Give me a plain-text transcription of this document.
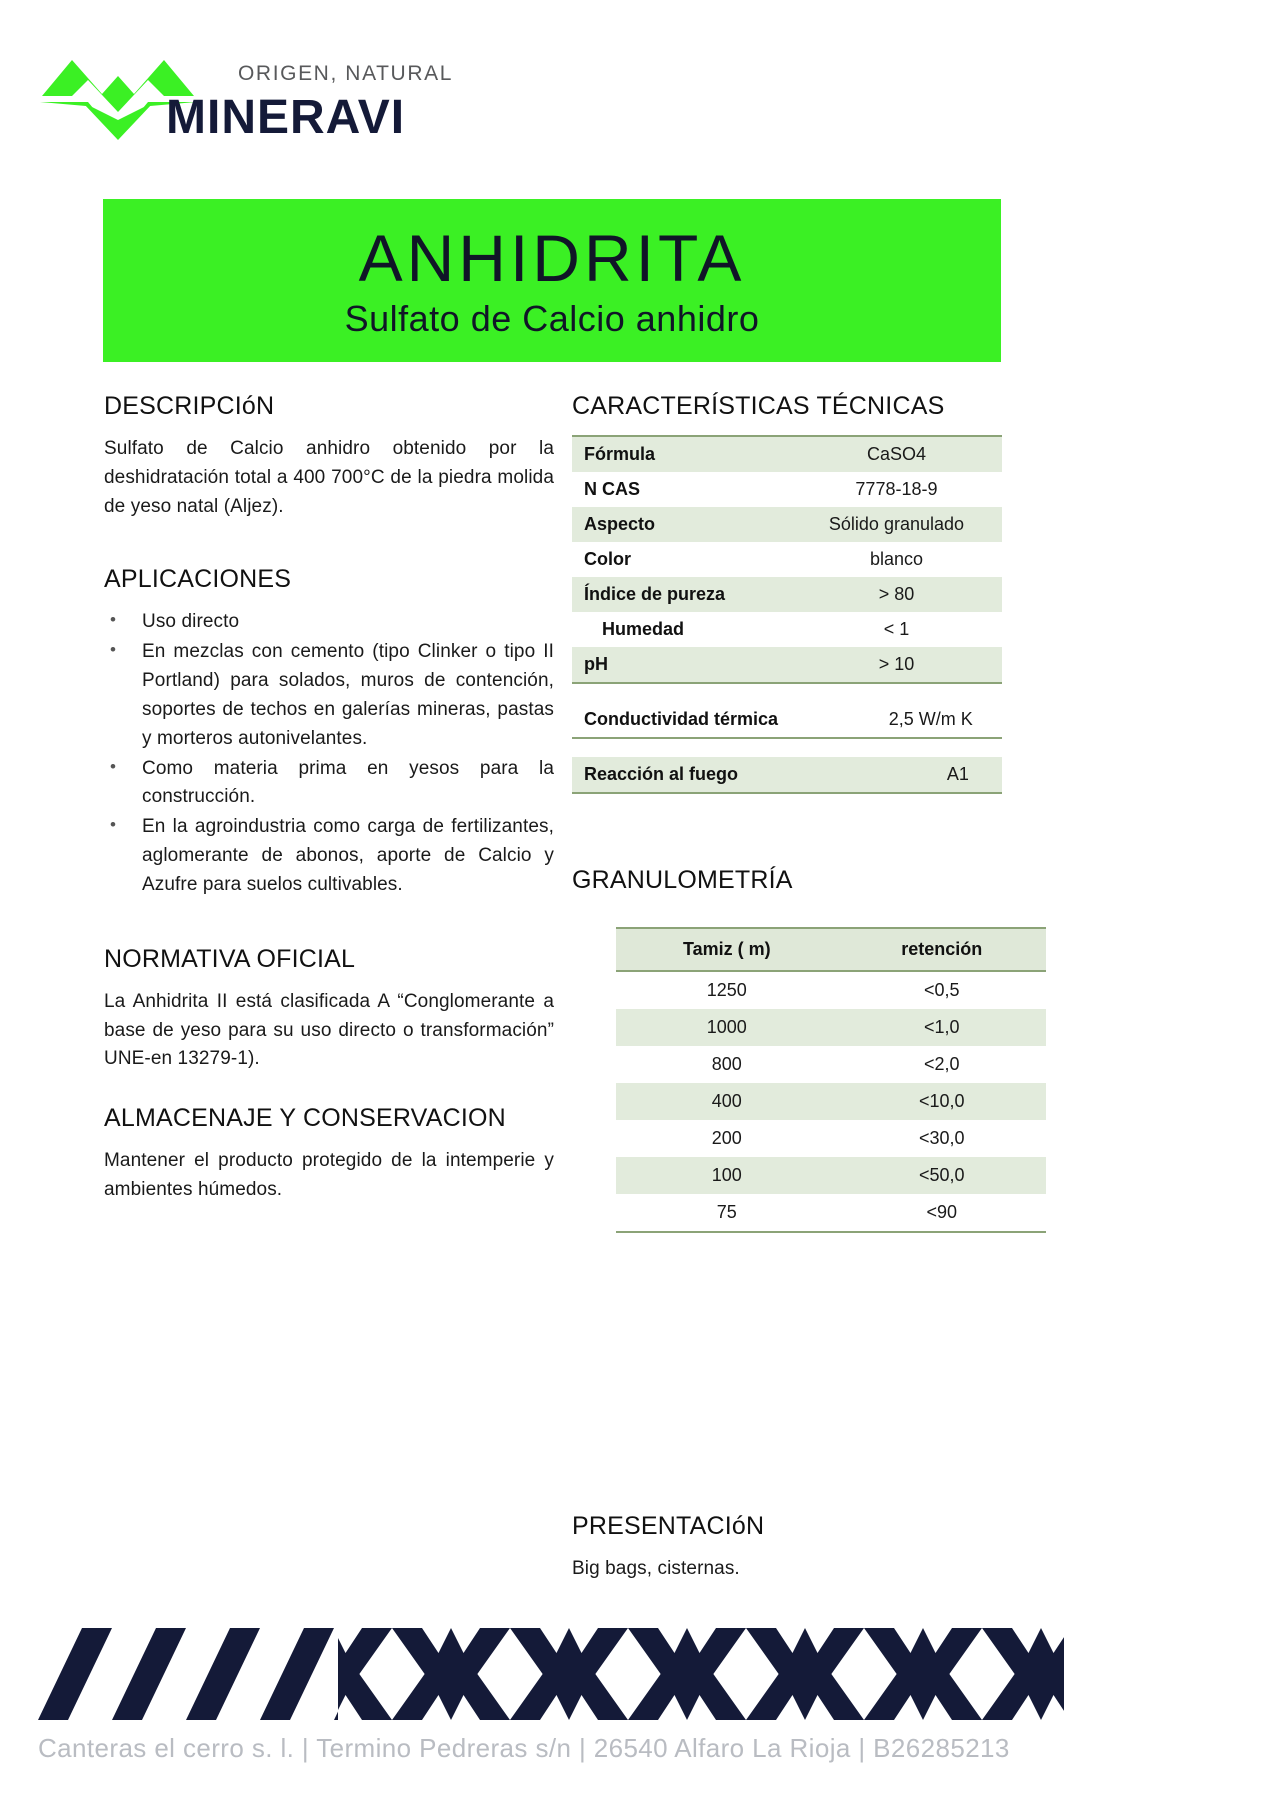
ORIGEN, NATURAL
MINERAVI
ANHIDRITA
Sulfato de Calcio anhidro
DESCRIPCIóN

Sulfato de Calcio anhidro obtenido por la deshidratación total a 400 700°C de la piedra molida de yeso natal (Aljez).

APLICACIONES
• Uso directo
• En mezclas con cemento (tipo Clinker o tipo II Portland) para solados, muros de contención, soportes de techos en galerías mineras, pastas y morteros autonivelantes.
• Como materia prima en yesos para la construcción.
• En la agroindustria como carga de fertilizantes, aglomerante de abonos, aporte de Calcio y Azufre para suelos cultivables.
NORMATIVA OFICIAL

La Anhidrita II está clasificada A “Conglomerante a base de yeso para su uso directo o transformación” UNE-en 13279-1).

ALMACENAJE Y CONSERVACION

Mantener el producto protegido de la intemperie y ambientes húmedos.

CARACTERÍSTICAS TÉCNICAS
Fórmula	CaSO4
N CAS	7778-18-9
Aspecto	Sólido granulado
Color	blanco
Índice de pureza	> 80
Humedad	< 1
pH	> 10
Conductividad térmica	2,5 W/m K
Reacción al fuego	A1
GRANULOMETRÍA
Tamiz ( m)	retención
1250	<0,5
1000	<1,0
800	<2,0
400	<10,0
200	<30,0
100	<50,0
75	<90
PRESENTACIóN

Big bags, cisternas.

Canteras el cerro s. l. | Termino Pedreras s/n | 26540 Alfaro La Rioja | B26285213
